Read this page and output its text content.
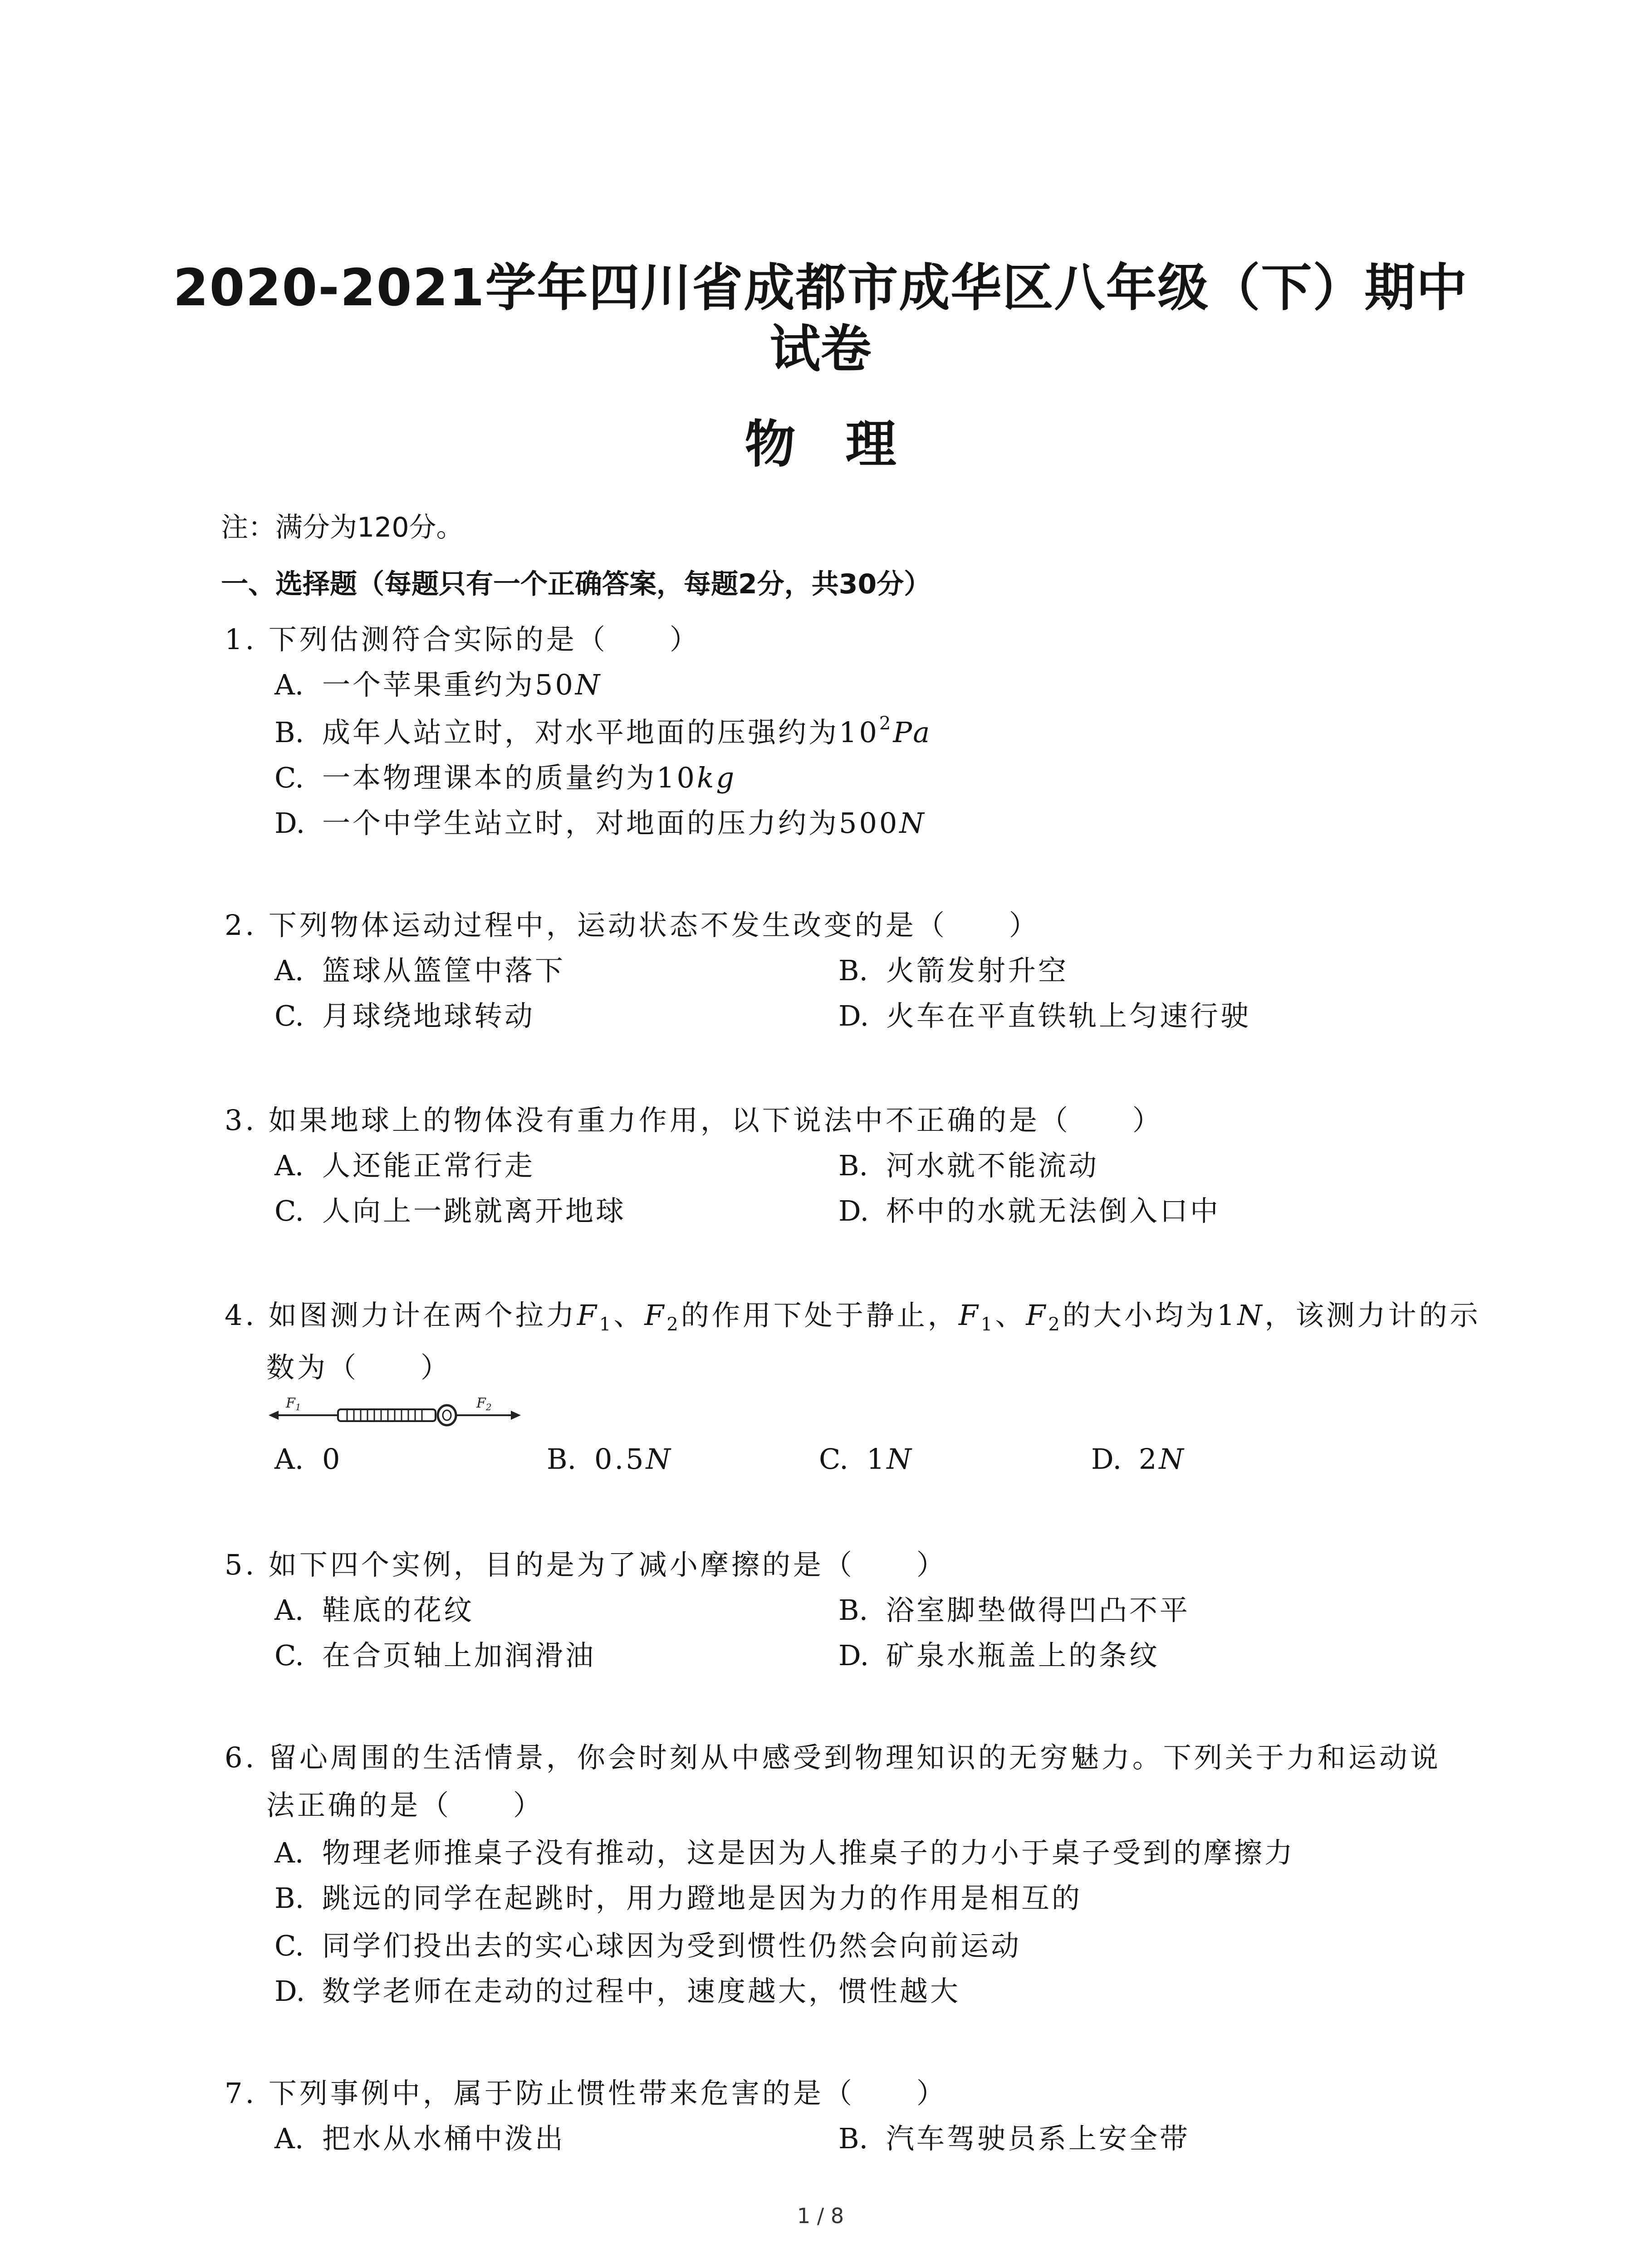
2020-2021学年四川省成都市成华区八年级（下）期中
试卷
物理
注：满分为120分。
一、选择题（每题只有一个正确答案，每题2分，共30分）
1. 下列估测符合实际的是（　　）
A. 一个苹果重约为50N
B. 成年人站立时，对水平地面的压强约为$10^2Pa$
C. 一本物理课本的质量约为10kg
D. 一个中学生站立时，对地面的压力约为500N
2. 下列物体运动过程中，运动状态不发生改变的是（　　）
A. 篮球从篮筐中落下	B. 火箭发射升空
C. 月球绕地球转动	D. 火车在平直铁轨上匀速行驶
3. 如果地球上的物体没有重力作用，以下说法中不正确的是（　　）
A. 人还能正常行走	B. 河水就不能流动
C. 人向上一跳就离开地球	D. 杯中的水就无法倒入口中
4. 如图测力计在两个拉力$F_1$、$F_2$的作用下处于静止，$F_1$、$F_2$的大小均为1N，该测力计的示
数为（　　）
$F_1$	$F_2$
A. 0	B. 0.5N	C. 1N	D. 2N
5. 如下四个实例，目的是为了减小摩擦的是（　　）
A. 鞋底的花纹	B. 浴室脚垫做得凹凸不平
C. 在合页轴上加润滑油	D. 矿泉水瓶盖上的条纹
6. 留心周围的生活情景，你会时刻从中感受到物理知识的无穷魅力。下列关于力和运动说
法正确的是（　　）
A. 物理老师推桌子没有推动，这是因为人推桌子的力小于桌子受到的摩擦力
B. 跳远的同学在起跳时，用力蹬地是因为力的作用是相互的
C. 同学们投出去的实心球因为受到惯性仍然会向前运动
D. 数学老师在走动的过程中，速度越大，惯性越大
7. 下列事例中，属于防止惯性带来危害的是（　　）
A. 把水从水桶中泼出	B. 汽车驾驶员系上安全带
1 / 8
